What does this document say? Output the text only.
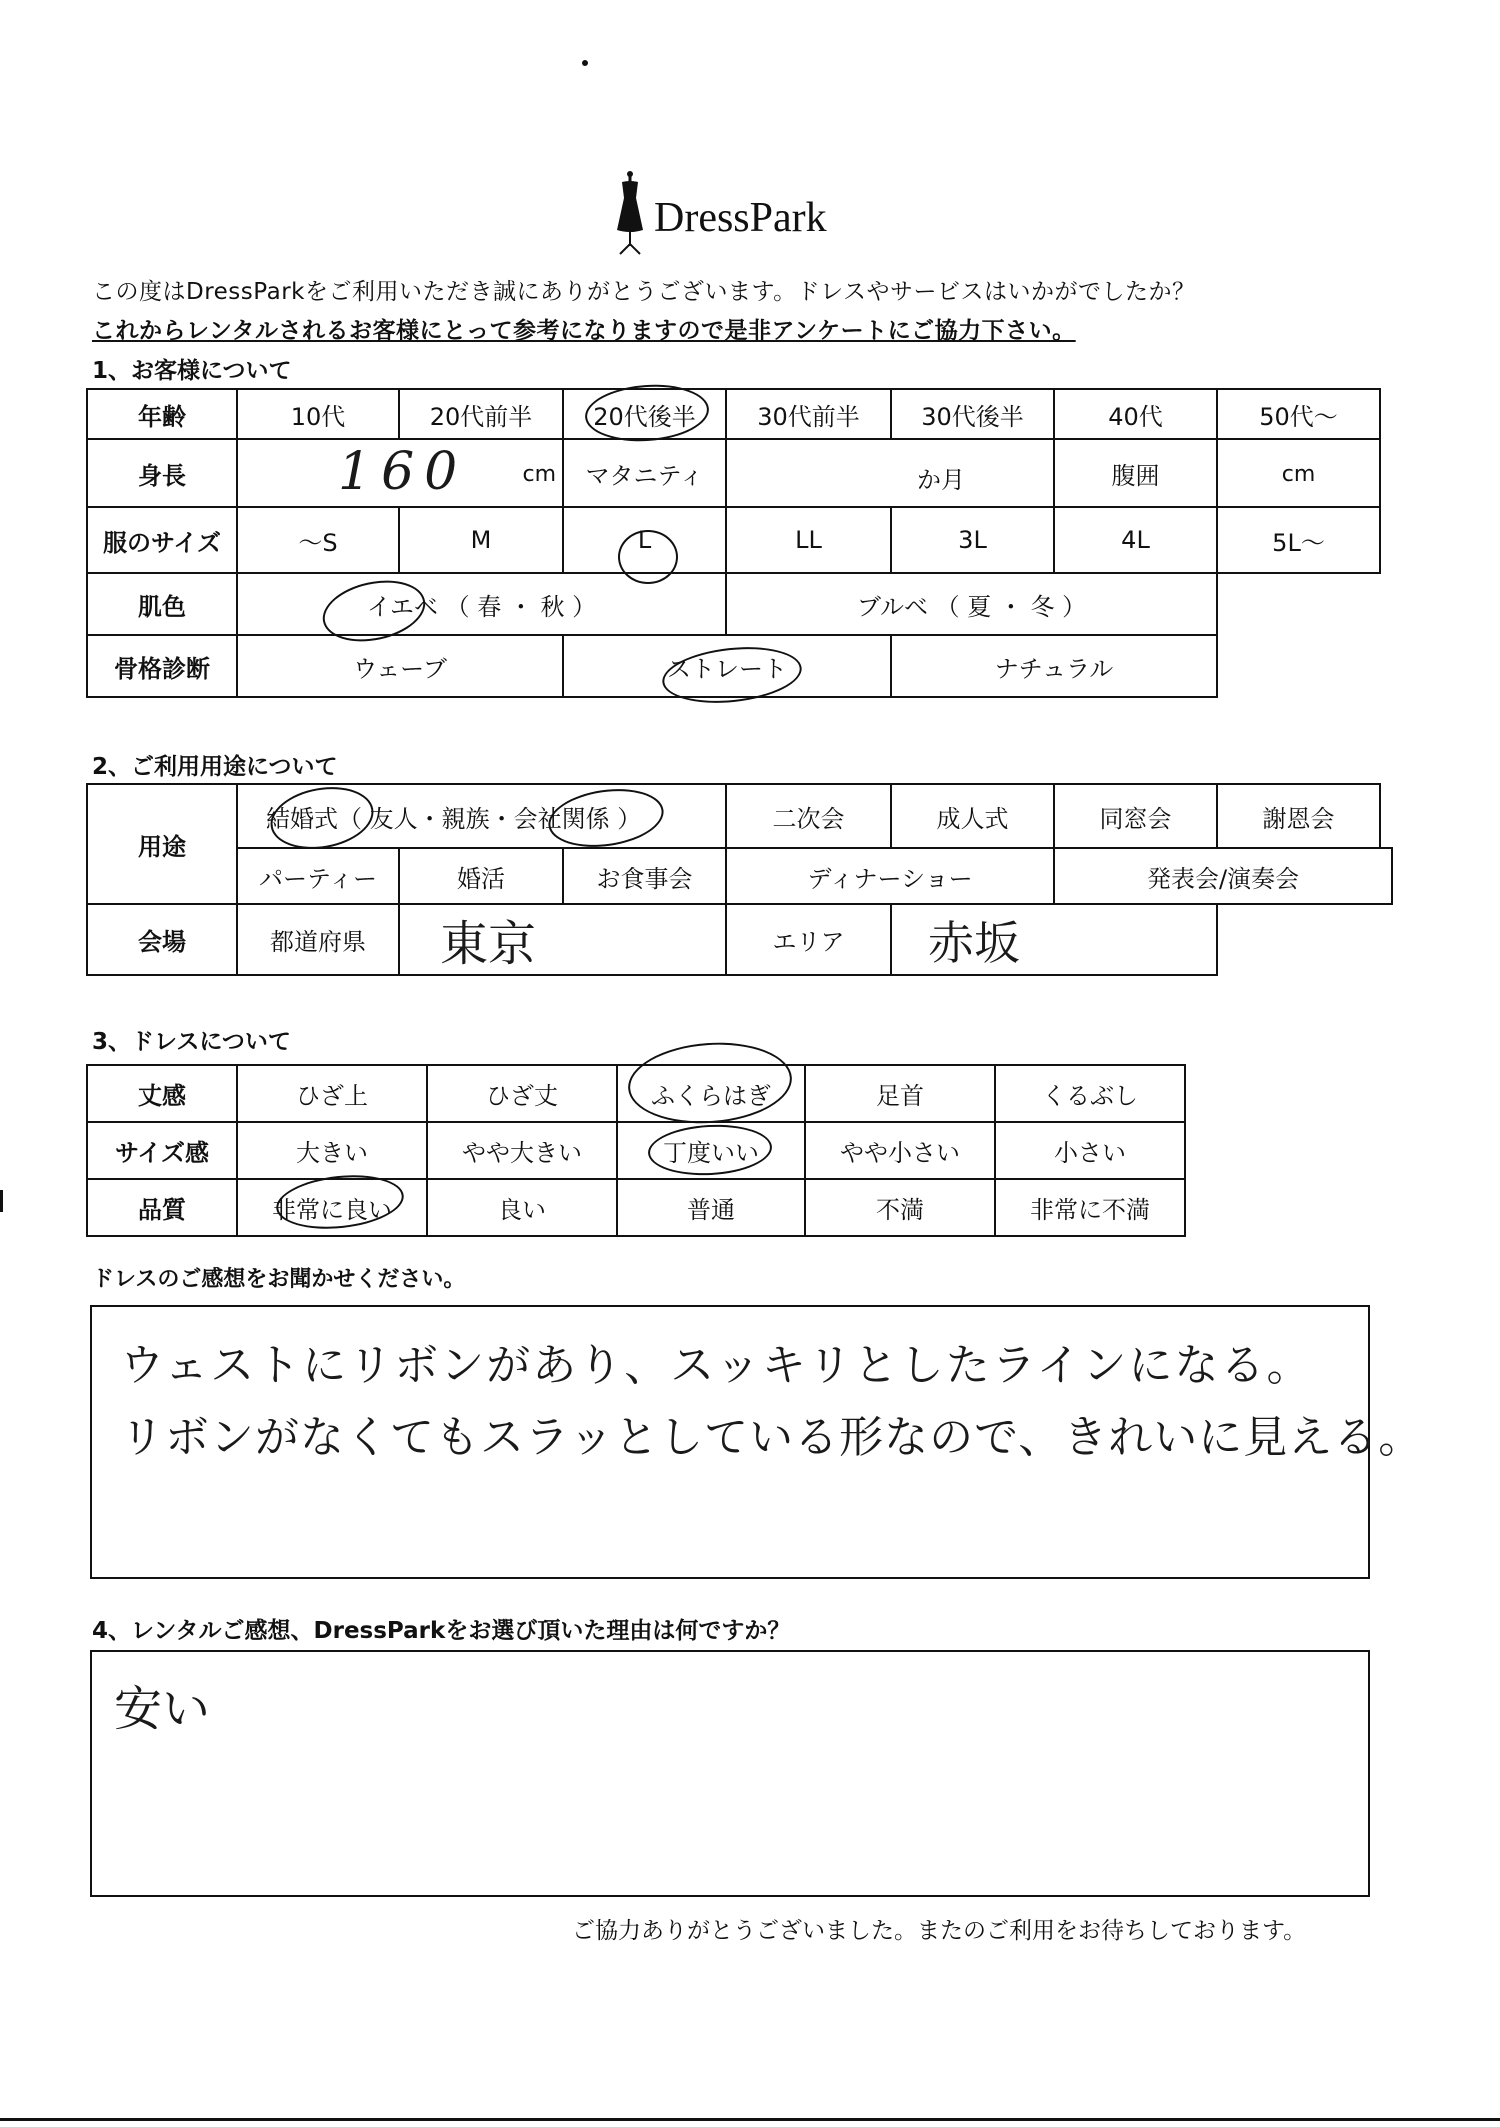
DressPark
この度はDressParkをご利用いただき誠にありがとうございます。ドレスやサービスはいかがでしたか？
これからレンタルされるお客様にとって参考になりますので是非アンケートにご協力下さい。
1、お客様について
年齢	10代	20代前半	20代後半	30代前半	30代後半	40代	50代～	
身長	160 cm		マタニティ	か月		腹囲	cm	
服のサイズ	～S	M	L	LL	3L	4L	5L～	
肌色	イエベ （ 春 ・ 秋 ）			ブルベ （ 夏 ・ 冬 ）				
骨格診断	ウェーブ		ストレート		ナチュラル			
2、ご利用用途について
用途	結婚式（ 友人・親族・会社関係 ）			二次会	成人式	同窓会	謝恩会	
	パーティー	婚活	お食事会	ディナーショー		発表会/演奏会		
会場	都道府県	東京		エリア	赤坂			
3、ドレスについて
丈感	ひざ上	ひざ丈	ふくらはぎ	足首	くるぶし
サイズ感	大きい	やや大きい	丁度いい	やや小さい	小さい
品質	非常に良い	良い	普通	不満	非常に不満
ドレスのご感想をお聞かせください。
ウェストにリボンがあり、スッキリとしたラインになる。
リボンがなくてもスラッとしている形なので、きれいに見える。
4、レンタルご感想、DressParkをお選び頂いた理由は何ですか？
安い
ご協力ありがとうございました。またのご利用をお待ちしております。
